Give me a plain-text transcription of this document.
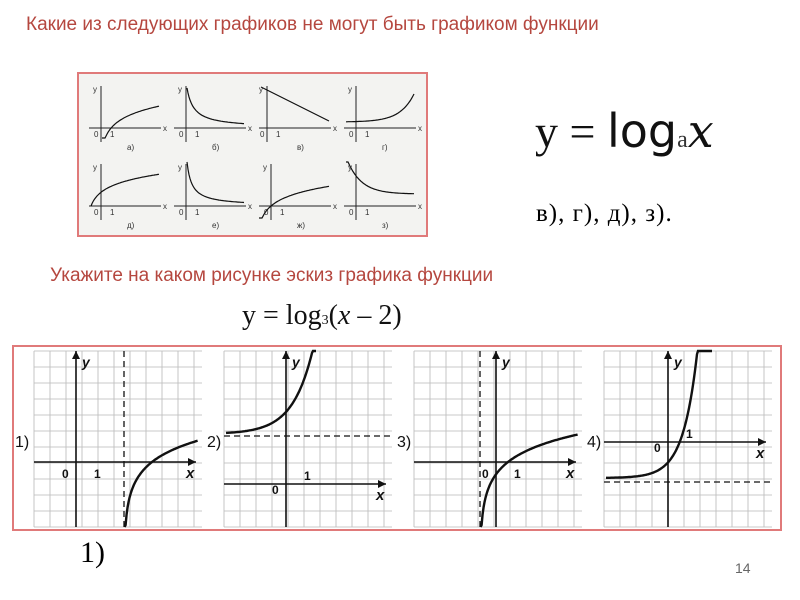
Какие из следующих графиков не могут быть графиком функции
y
x
0 1
а)
y
x
0 1
б)
y
x
0 1
в)
y
x
0 1
г)
y
x
0 1
д)
y
x
0 1
е)
y
x
0 1
ж)
y
x
0 1
з)
y = logax
в), г), д), з).
Укажите на каком рисунке эскиз графика функции
y = log3(x – 2)
y
x
0 1
y
x
0
1
y
x
0 1
y
x
0
1
1)	2)	3)	4)
1)	14
